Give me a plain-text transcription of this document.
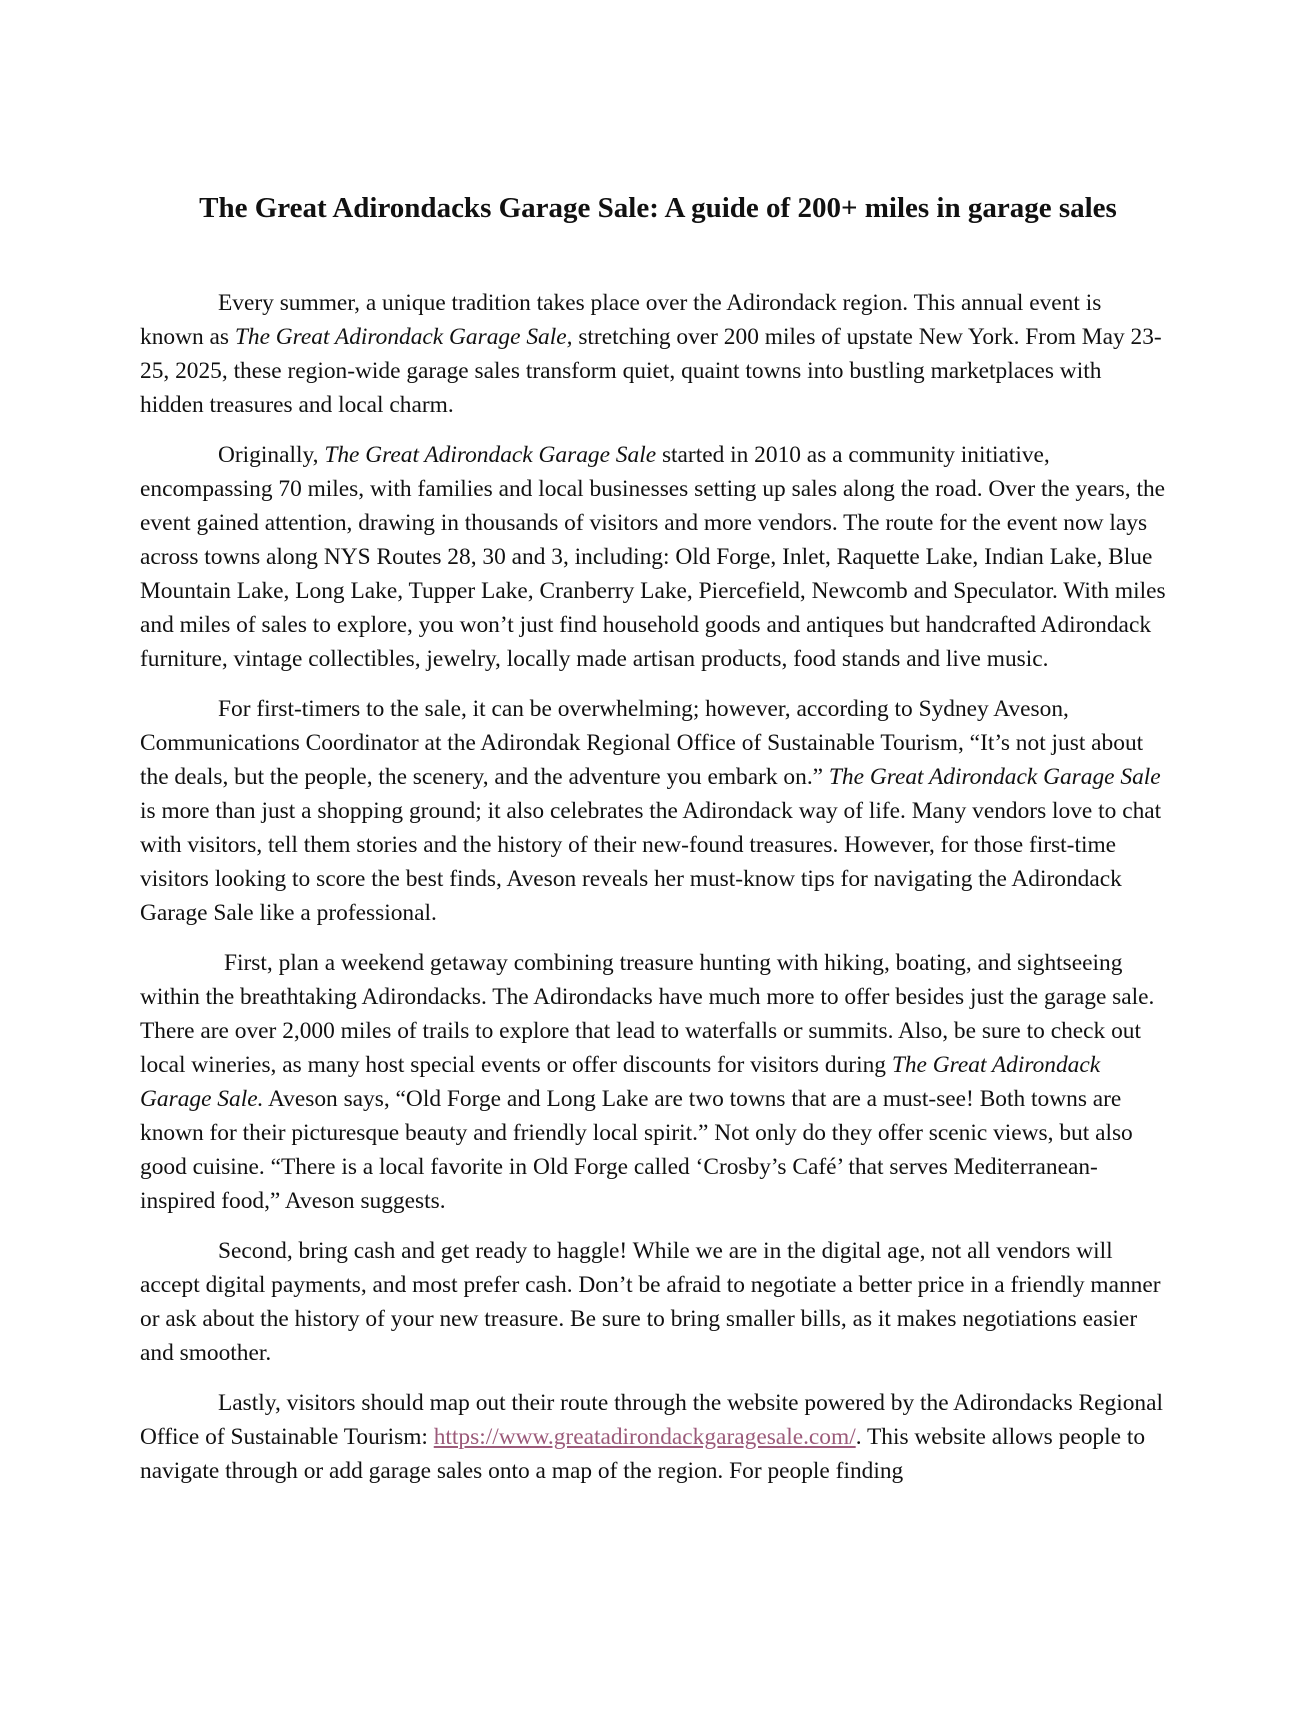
The Great Adirondacks Garage Sale: A guide of 200+ miles in garage sales

Every summer, a unique tradition takes place over the Adirondack region. This annual event is known as The Great Adirondack Garage Sale, stretching over 200 miles of upstate New York. From May 23-25, 2025, these region-wide garage sales transform quiet, quaint towns into bustling marketplaces with hidden treasures and local charm.

Originally, The Great Adirondack Garage Sale started in 2010 as a community initiative, encompassing 70 miles, with families and local businesses setting up sales along the road. Over the years, the event gained attention, drawing in thousands of visitors and more vendors. The route for the event now lays across towns along NYS Routes 28, 30 and 3, including: Old Forge, Inlet, Raquette Lake, Indian Lake, Blue Mountain Lake, Long Lake, Tupper Lake, Cranberry Lake, Piercefield, Newcomb and Speculator. With miles and miles of sales to explore, you won’t just find household goods and antiques but handcrafted Adirondack furniture, vintage collectibles, jewelry, locally made artisan products, food stands and live music.

For first-timers to the sale, it can be overwhelming; however, according to Sydney Aveson, Communications Coordinator at the Adirondak Regional Office of Sustainable Tourism, “It’s not just about the deals, but the people, the scenery, and the adventure you embark on.” The Great Adirondack Garage Sale is more than just a shopping ground; it also celebrates the Adirondack way of life. Many vendors love to chat with visitors, tell them stories and the history of their new-found treasures. However, for those first-time visitors looking to score the best finds, Aveson reveals her must-know tips for navigating the Adirondack Garage Sale like a professional.

First, plan a weekend getaway combining treasure hunting with hiking, boating, and sightseeing within the breathtaking Adirondacks. The Adirondacks have much more to offer besides just the garage sale. There are over 2,000 miles of trails to explore that lead to waterfalls or summits. Also, be sure to check out local wineries, as many host special events or offer discounts for visitors during The Great Adirondack Garage Sale. Aveson says, “Old Forge and Long Lake are two towns that are a must-see! Both towns are known for their picturesque beauty and friendly local spirit.” Not only do they offer scenic views, but also good cuisine. “There is a local favorite in Old Forge called ‘Crosby’s Café’ that serves Mediterranean-inspired food,” Aveson suggests.

Second, bring cash and get ready to haggle! While we are in the digital age, not all vendors will accept digital payments, and most prefer cash. Don’t be afraid to negotiate a better price in a friendly manner or ask about the history of your new treasure. Be sure to bring smaller bills, as it makes negotiations easier and smoother.

Lastly, visitors should map out their route through the website powered by the Adirondacks Regional Office of Sustainable Tourism: https://www.greatadirondackgaragesale.com/. This website allows people to navigate through or add garage sales onto a map of the region. For people finding
